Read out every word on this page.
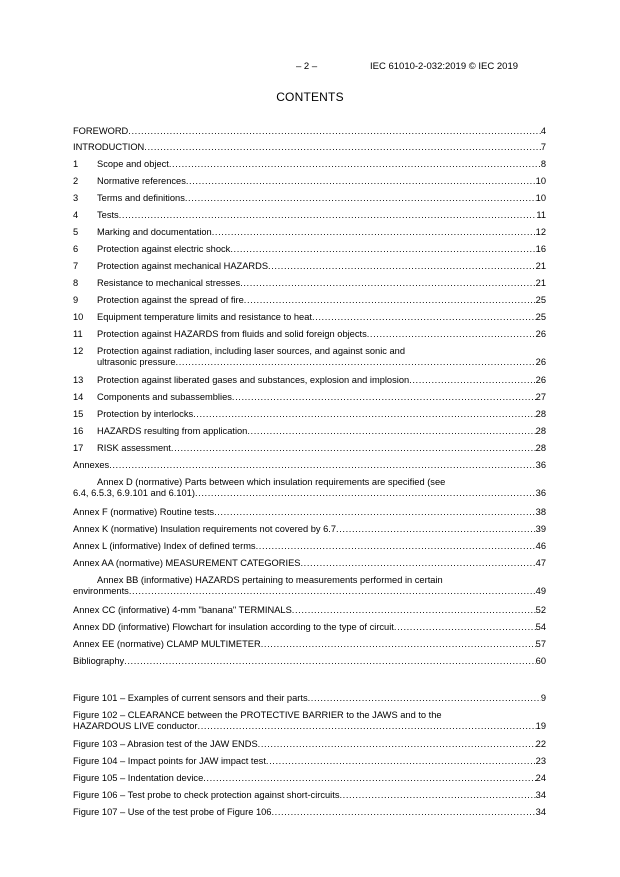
– 2 –	IEC 61010-2-032:2019 © IEC 2019
CONTENTS
FOREWORD .....	4
INTRODUCTION .....	7
1	Scope and object .....	8
2	Normative references .....	10
3	Terms and definitions .....	10
4	Tests .....	11
5	Marking and documentation .....	12
6	Protection against electric shock .....	16
7	Protection against mechanical HAZARDS .....	21
8	Resistance to mechanical stresses .....	21
9	Protection against the spread of fire .....	25
10	Equipment temperature limits and resistance to heat .....	25
11	Protection against HAZARDS from fluids and solid foreign objects .....	26
12 Protection against radiation, including laser sources, and against sonic and
ultrasonic pressure .....	26
13	Protection against liberated gases and substances, explosion and implosion .....	26
14	Components and subassemblies .....	27
15	Protection by interlocks .....	28
16	HAZARDS resulting from application .....	28
17	RISK assessment .....	28
Annexes .....	36
Annex D (normative) Parts between which insulation requirements are specified (see
6.4, 6.5.3, 6.9.101 and 6.101) .....	36
Annex F (normative) Routine tests .....	38
Annex K (normative) Insulation requirements not covered by 6.7 .....	39
Annex L (informative) Index of defined terms .....	46
Annex AA (normative) MEASUREMENT CATEGORIES .....	47
Annex BB (informative) HAZARDS pertaining to measurements performed in certain
environments .....	49
Annex CC (informative) 4-mm "banana" TERMINALS .....	52
Annex DD (informative) Flowchart for insulation according to the type of circuit .....	54
Annex EE (normative) CLAMP MULTIMETER .....	57
Bibliography .....	60
Figure 101 – Examples of current sensors and their parts .....	9
Figure 102 – CLEARANCE between the PROTECTIVE BARRIER to the JAWS and to the
HAZARDOUS LIVE conductor .....	19
Figure 103 – Abrasion test of the JAW ENDS .....	22
Figure 104 – Impact points for JAW impact test .....	23
Figure 105 – Indentation device .....	24
Figure 106 – Test probe to check protection against short-circuits .....	34
Figure 107 – Use of the test probe of Figure 106 .....	34
